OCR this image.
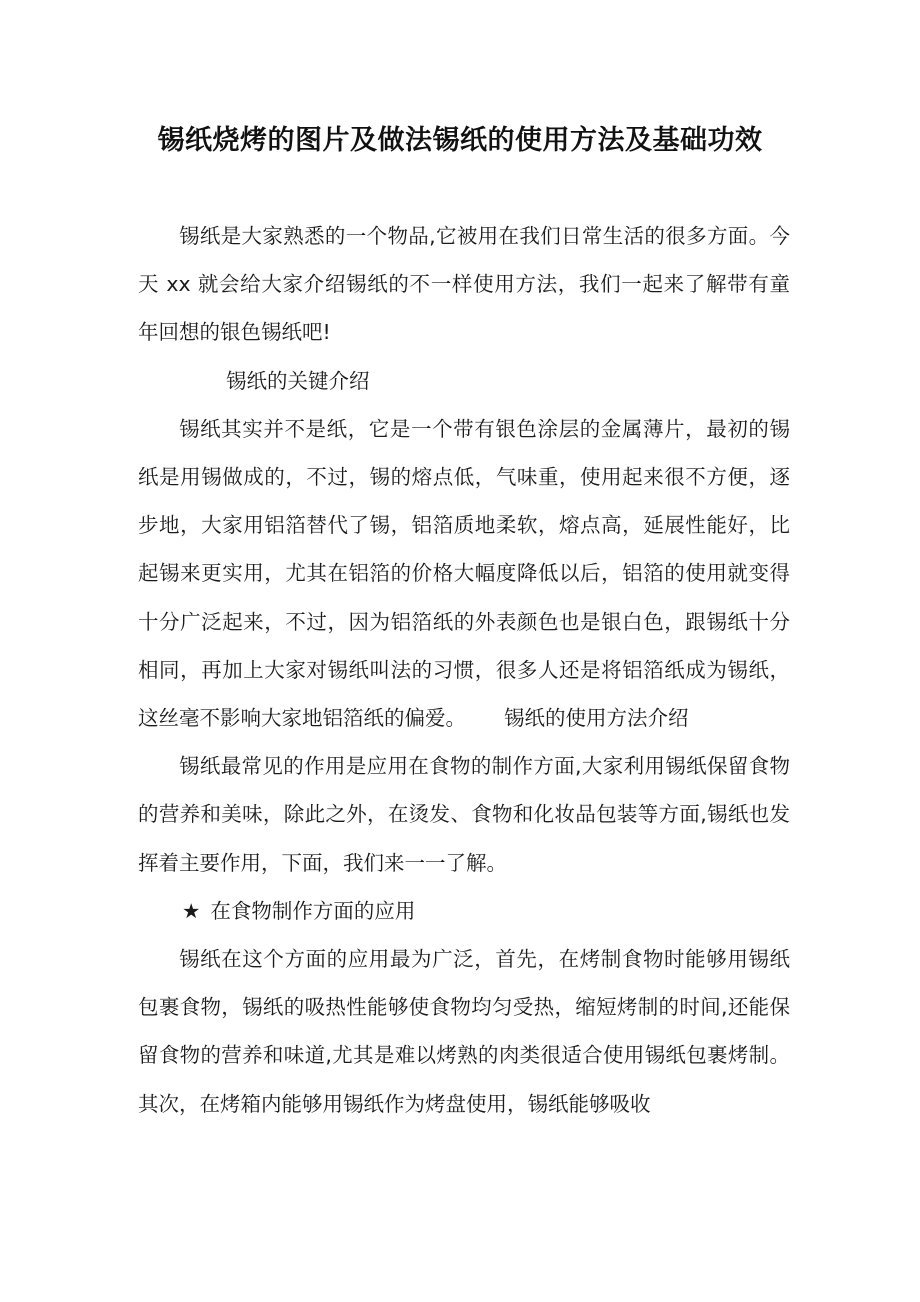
锡纸烧烤的图片及做法锡纸的使用方法及基础功效

锡纸是大家熟悉的一个物品,它被用在我们日常生活的很多方面。今天 xx 就会给大家介绍锡纸的不一样使用方法，我们一起来了解带有童年回想的银色锡纸吧!

锡纸的关键介绍

锡纸其实并不是纸，它是一个带有银色涂层的金属薄片，最初的锡纸是用锡做成的，不过，锡的熔点低，气味重，使用起来很不方便，逐步地，大家用铝箔替代了锡，铝箔质地柔软，熔点高，延展性能好，比起锡来更实用，尤其在铝箔的价格大幅度降低以后，铝箔的使用就变得十分广泛起来，不过，因为铝箔纸的外表颜色也是银白色，跟锡纸十分相同，再加上大家对锡纸叫法的习惯，很多人还是将铝箔纸成为锡纸，这丝毫不影响大家地铝箔纸的偏爱。 锡纸的使用方法介绍

锡纸最常见的作用是应用在食物的制作方面,大家利用锡纸保留食物的营养和美味，除此之外，在烫发、食物和化妆品包装等方面,锡纸也发挥着主要作用，下面，我们来一一了解。

★ 在食物制作方面的应用

锡纸在这个方面的应用最为广泛，首先，在烤制食物时能够用锡纸包裹食物，锡纸的吸热性能够使食物均匀受热，缩短烤制的时间,还能保留食物的营养和味道,尤其是难以烤熟的肉类很适合使用锡纸包裹烤制。其次，在烤箱内能够用锡纸作为烤盘使用，锡纸能够吸收
